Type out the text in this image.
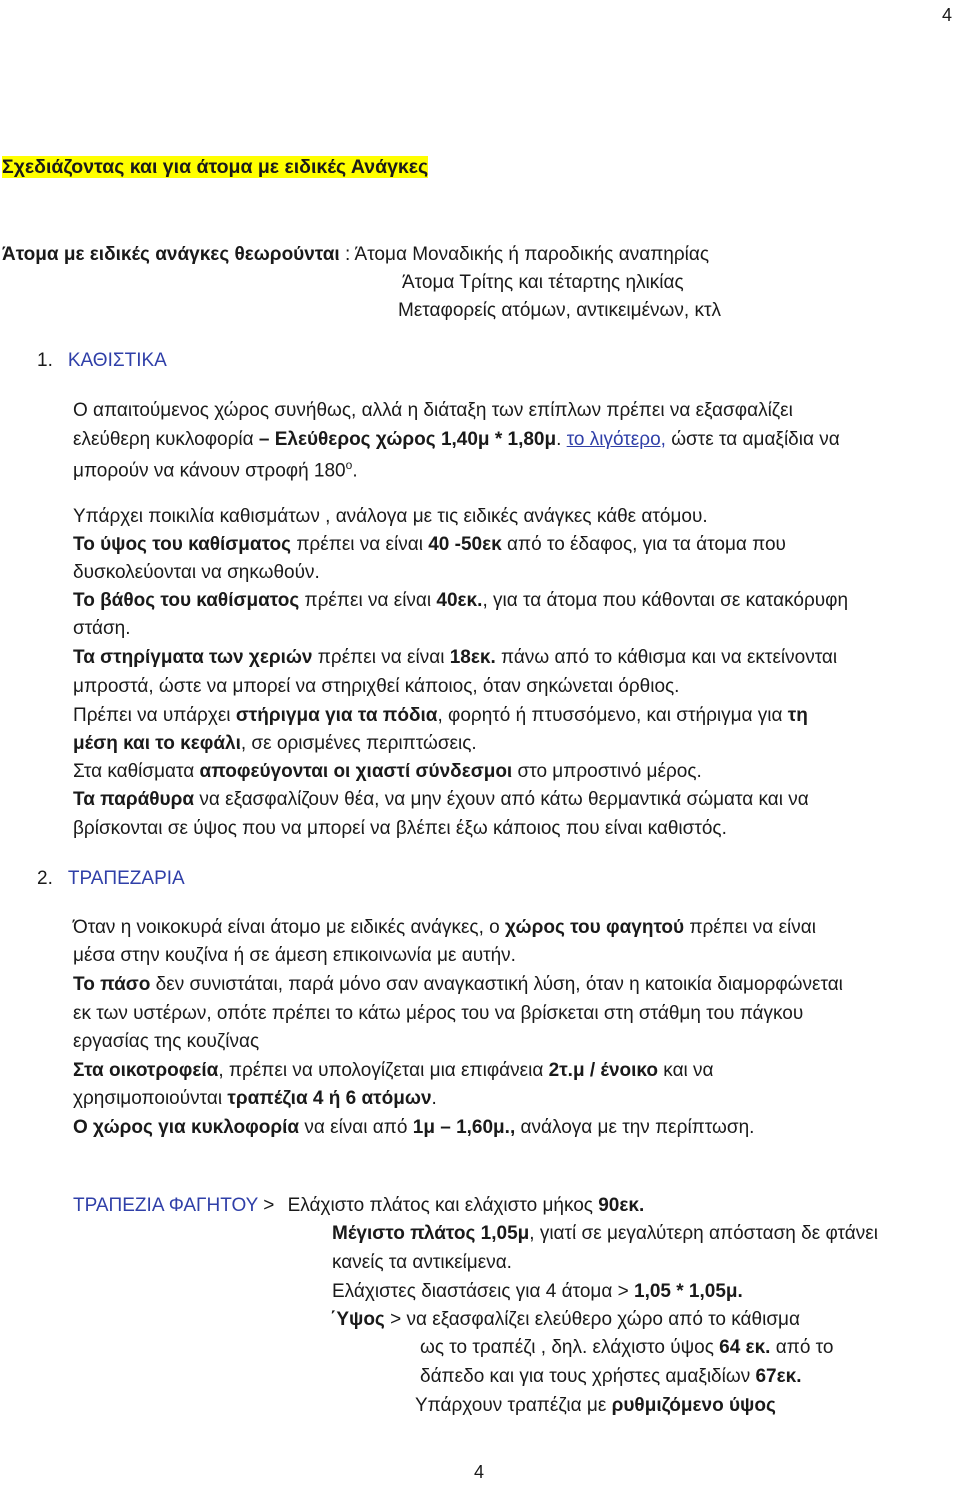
4
Σχεδιάζοντας και για άτομα με ειδικές Ανάγκες
Άτομα με ειδικές ανάγκες θεωρούνται : Άτομα Μοναδικής ή παροδικής αναπηρίας
Άτομα Τρίτης και τέταρτης ηλικίας
Μεταφορείς ατόμων, αντικειμένων, κτλ
1. ΚΑΘΙΣΤΙΚΑ
Ο απαιτούμενος χώρος συνήθως, αλλά η διάταξη των επίπλων πρέπει να εξασφαλίζει
ελεύθερη κυκλοφορία – Ελεύθερος χώρος 1,40μ * 1,80μ. το λιγότερο, ώστε τα αμαξίδια να
μπορούν να κάνουν στροφή $180^o$.
Υπάρχει ποικιλία καθισμάτων , ανάλογα με τις ειδικές ανάγκες κάθε ατόμου.
Το ύψος του καθίσματος πρέπει να είναι 40 -50εκ από το έδαφος, για τα άτομα που
δυσκολεύονται να σηκωθούν.
Το βάθος του καθίσματος πρέπει να είναι 40εκ., για τα άτομα που κάθονται σε κατακόρυφη
στάση.
Τα στηρίγματα των χεριών πρέπει να είναι 18εκ. πάνω από το κάθισμα και να εκτείνονται
μπροστά, ώστε να μπορεί να στηριχθεί κάποιος, όταν σηκώνεται όρθιος.
Πρέπει να υπάρχει στήριγμα για τα πόδια, φορητό ή πτυσσόμενο, και στήριγμα για τη
μέση και το κεφάλι, σε ορισμένες περιπτώσεις.
Στα καθίσματα αποφεύγονται οι χιαστί σύνδεσμοι στο μπροστινό μέρος.
Τα παράθυρα να εξασφαλίζουν θέα, να μην έχουν από κάτω θερμαντικά σώματα και να
βρίσκονται σε ύψος που να μπορεί να βλέπει έξω κάποιος που είναι καθιστός.
2. ΤΡΑΠΕΖΑΡΙΑ
Όταν η νοικοκυρά είναι άτομο με ειδικές ανάγκες, ο χώρος του φαγητού πρέπει να είναι
μέσα στην κουζίνα ή σε άμεση επικοινωνία με αυτήν.
Το πάσο δεν συνιστάται, παρά μόνο σαν αναγκαστική λύση, όταν η κατοικία διαμορφώνεται
εκ των υστέρων, οπότε πρέπει το κάτω μέρος του να βρίσκεται στη στάθμη του πάγκου
εργασίας της κουζίνας
Στα οικοτροφεία, πρέπει να υπολογίζεται μια επιφάνεια 2τ.μ / ένοικο και να
χρησιμοποιούνται τραπέζια 4 ή 6 ατόμων.
Ο χώρος για κυκλοφορία να είναι από 1μ – 1,60μ., ανάλογα με την περίπτωση.
ΤΡΑΠΕΖΙΑ ΦΑΓΗΤΟΥ > Ελάχιστο πλάτος και ελάχιστο μήκος 90εκ.
Μέγιστο πλάτος 1,05μ, γιατί σε μεγαλύτερη απόσταση δε φτάνει
κανείς τα αντικείμενα.
Ελάχιστες διαστάσεις για 4 άτομα > 1,05 * 1,05μ.
΄Υψος > να εξασφαλίζει ελεύθερο χώρο από το κάθισμα
ως το τραπέζι , δηλ. ελάχιστο ύψος 64 εκ. από το
δάπεδο και για τους χρήστες αμαξιδίων 67εκ.
Υπάρχουν τραπέζια με ρυθμιζόμενο ύψος
4
